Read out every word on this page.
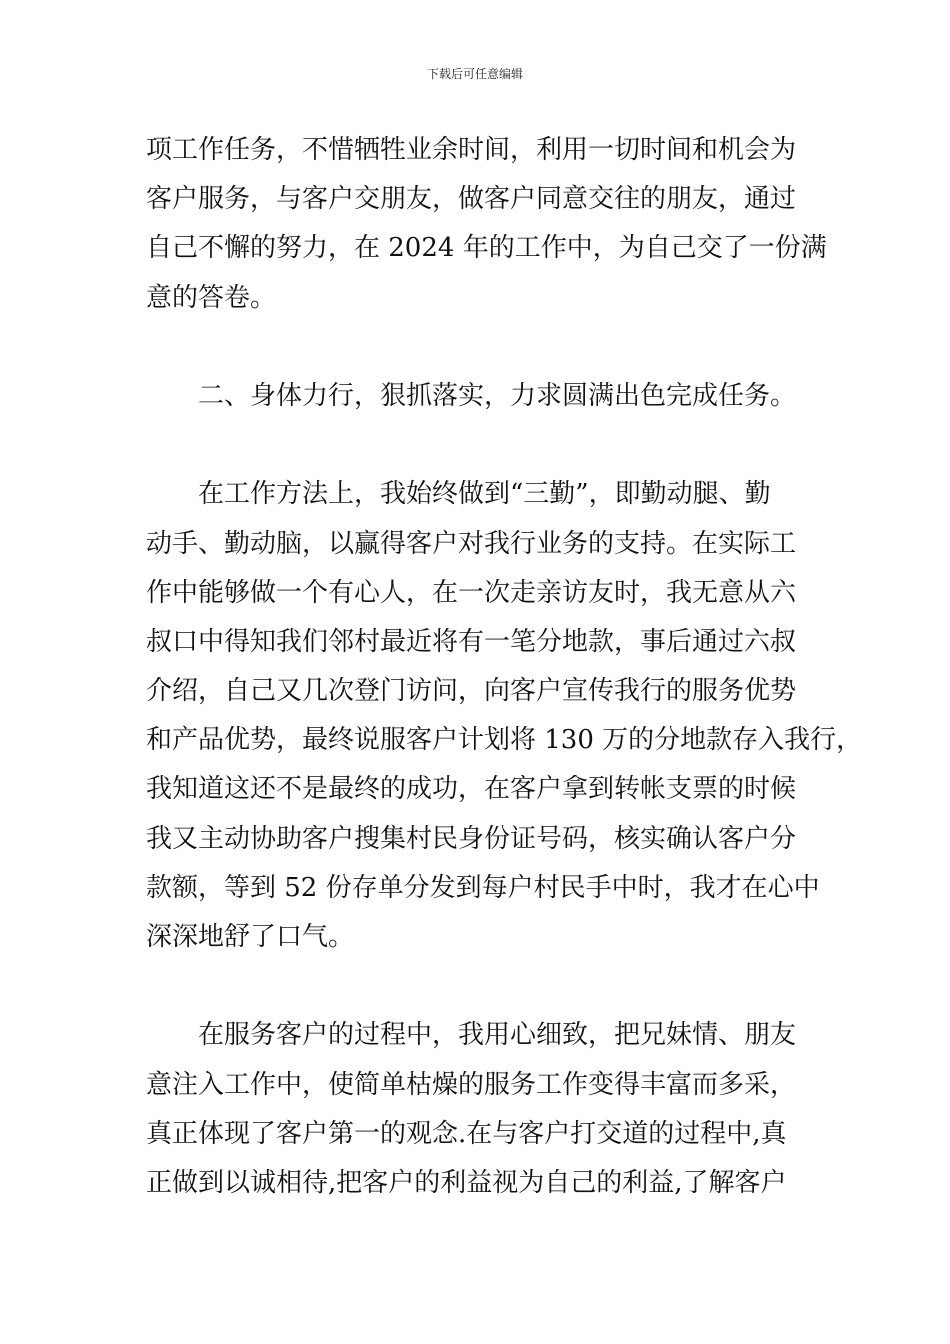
下载后可任意编辑
项工作任务，不惜牺牲业余时间，利用一切时间和机会为
客户服务，与客户交朋友，做客户同意交往的朋友，通过
自己不懈的努力，在 2024 年的工作中，为自己交了一份满
意的答卷。
二、身体力行，狠抓落实，力求圆满出色完成任务。
在工作方法上，我始终做到“三勤”，即勤动腿、勤
动手、勤动脑，以赢得客户对我行业务的支持。在实际工
作中能够做一个有心人，在一次走亲访友时，我无意从六
叔口中得知我们邻村最近将有一笔分地款，事后通过六叔
介绍，自己又几次登门访问，向客户宣传我行的服务优势
和产品优势，最终说服客户计划将 130 万的分地款存入我行，
我知道这还不是最终的成功，在客户拿到转帐支票的时候
我又主动协助客户搜集村民身份证号码，核实确认客户分
款额，等到 52 份存单分发到每户村民手中时，我才在心中
深深地舒了口气。
在服务客户的过程中，我用心细致，把兄妹情、朋友
意注入工作中，使简单枯燥的服务工作变得丰富而多采，
真正体现了客户第一的观念.在与客户打交道的过程中,真
正做到以诚相待,把客户的利益视为自己的利益,了解客户
